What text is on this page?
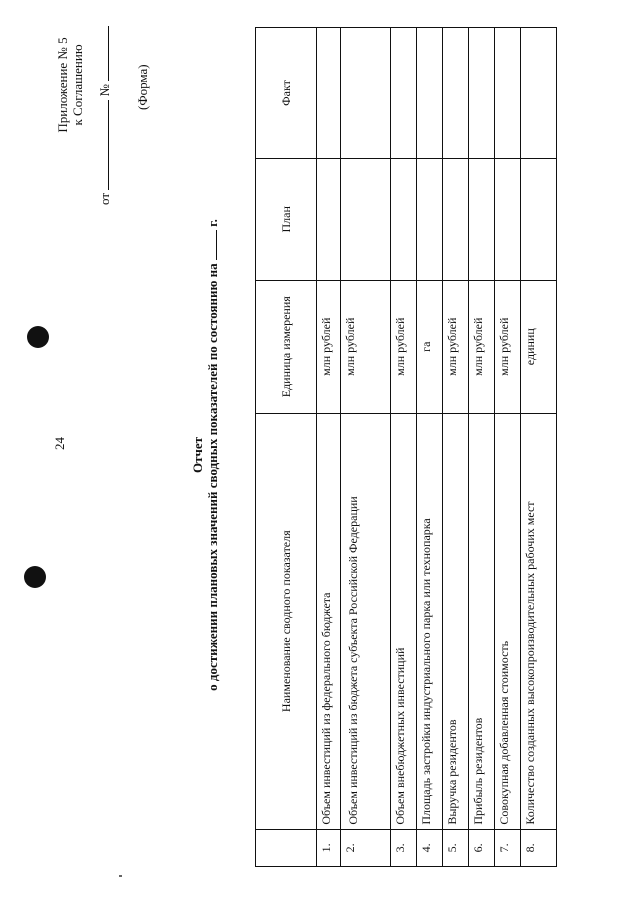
24
Приложение № 5 к Соглашению
от  № (Форма)
Отчет о достижении плановых значений сводных показателей по состоянию на  г.
	Наименование сводного показателя	Единица измерения	План	Факт
1.	Объем инвестиций из федерального бюджета	млн рублей		
2.	Объем инвестиций из бюджета субъекта Российской Федерации	млн рублей		
3.	Объем внебюджетных инвестиций	млн рублей		
4.	Площадь застройки индустриального парка или технопарка	га		
5.	Выручка резидентов	млн рублей		
6.	Прибыль резидентов	млн рублей		
7.	Совокупная добавленная стоимость	млн рублей		
8.	Количество созданных высокопроизводительных рабочих мест	единиц		
